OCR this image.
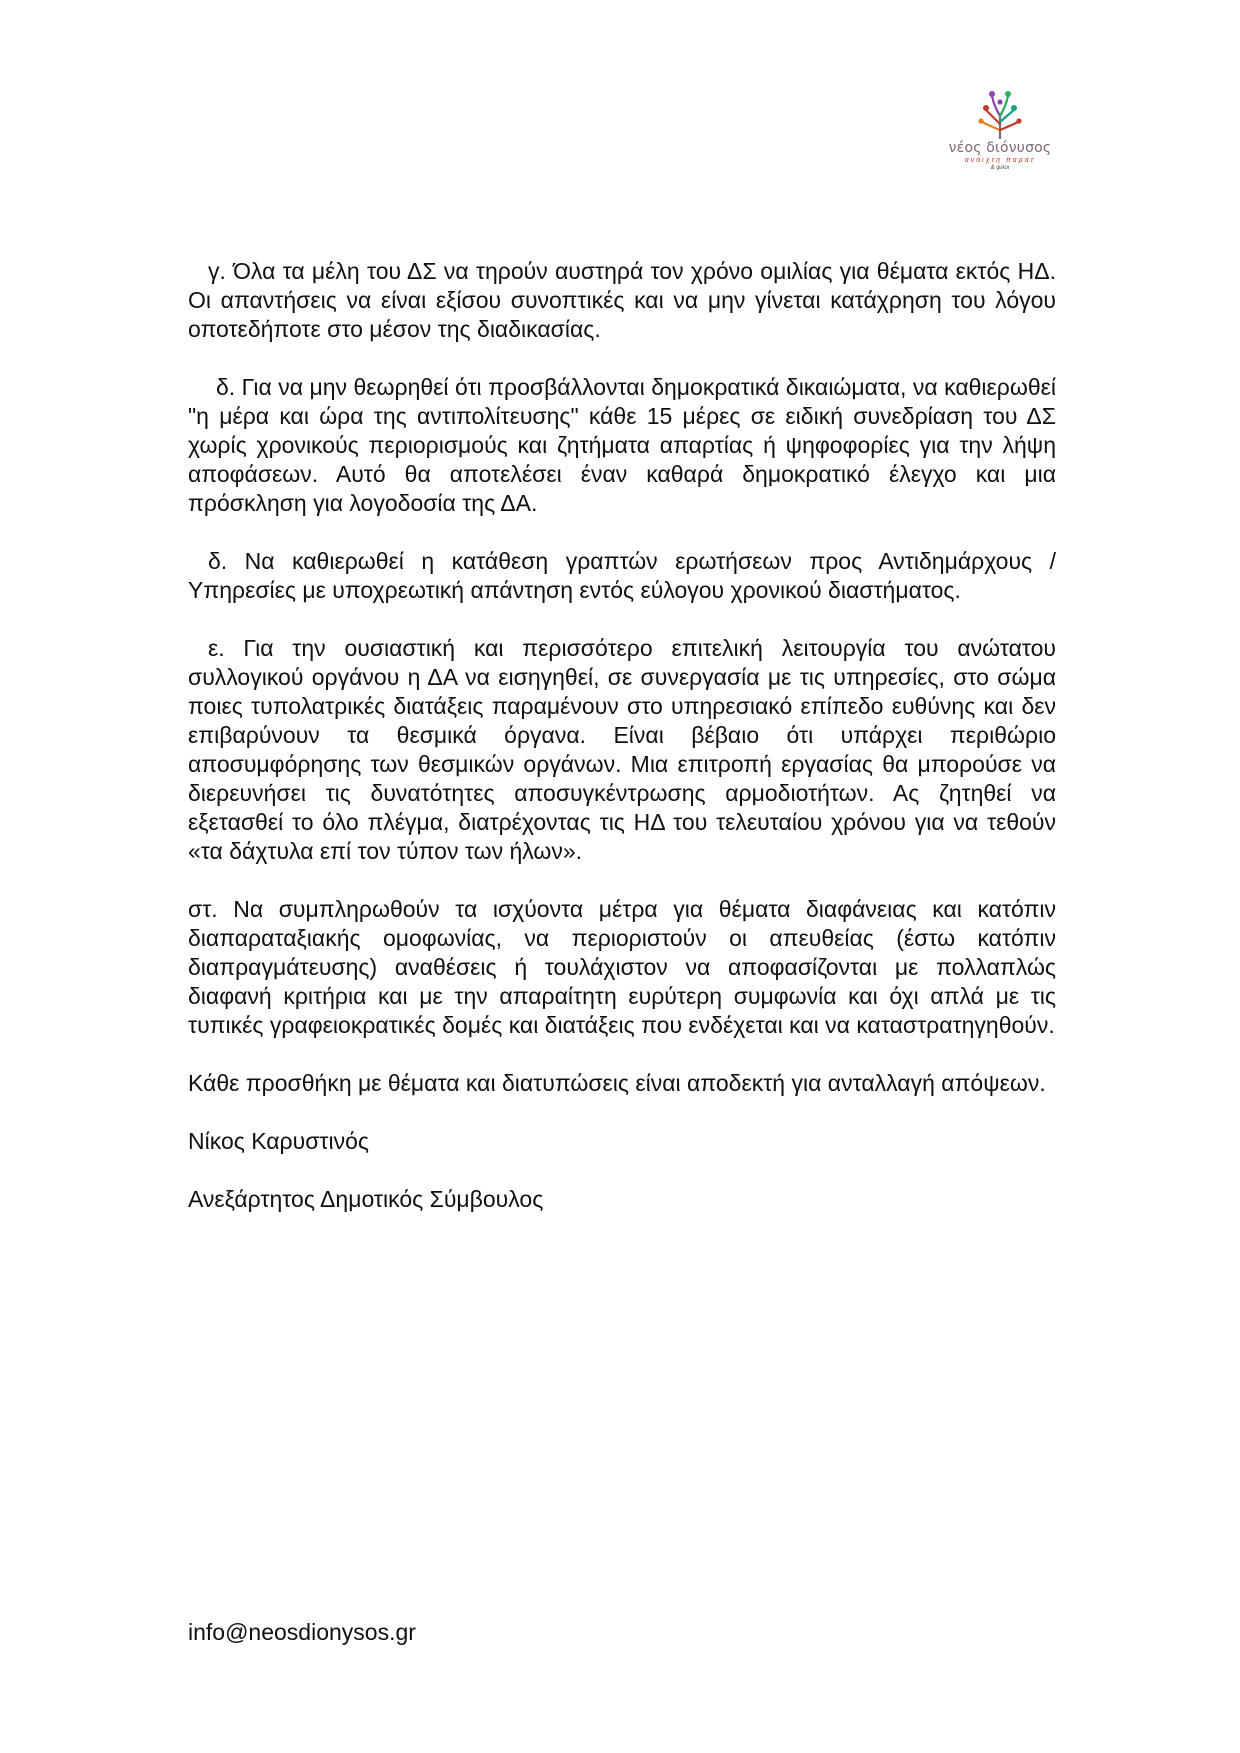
νέος διόνυσος
ανοιχτη παρατ
& φιλοι

γ. Όλα τα μέλη του ΔΣ να τηρούν αυστηρά τον χρόνο ομιλίας για θέματα εκτός ΗΔ. Οι απαντήσεις να είναι εξίσου συνοπτικές και να μην γίνεται κατάχρηση του λόγου οποτεδήποτε στο μέσον της διαδικασίας.

δ. Για να μην θεωρηθεί ότι προσβάλλονται δημοκρατικά δικαιώματα, να καθιερωθεί "η μέρα και ώρα της αντιπολίτευσης" κάθε 15 μέρες σε ειδική συνεδρίαση του ΔΣ χωρίς χρονικούς περιορισμούς και ζητήματα απαρτίας ή ψηφοφορίες για την λήψη αποφάσεων. Αυτό θα αποτελέσει έναν καθαρά δημοκρατικό έλεγχο και μια πρόσκληση για λογοδοσία της ΔΑ.

δ. Να καθιερωθεί η κατάθεση γραπτών ερωτήσεων προς Αντιδημάρχους / Υπηρεσίες με υποχρεωτική απάντηση εντός εύλογου χρονικού διαστήματος.

ε. Για την ουσιαστική και περισσότερο επιτελική λειτουργία του ανώτατου συλλογικού οργάνου η ΔΑ να εισηγηθεί, σε συνεργασία με τις υπηρεσίες, στο σώμα ποιες τυπολατρικές διατάξεις παραμένουν στο υπηρεσιακό επίπεδο ευθύνης και δεν επιβαρύνουν τα θεσμικά όργανα. Είναι βέβαιο ότι υπάρχει περιθώριο αποσυμφόρησης των θεσμικών οργάνων. Μια επιτροπή εργασίας θα μπορούσε να διερευνήσει τις δυνατότητες αποσυγκέντρωσης αρμοδιοτήτων. Ας ζητηθεί να εξετασθεί το όλο πλέγμα, διατρέχοντας τις ΗΔ του τελευταίου χρόνου για να τεθούν «τα δάχτυλα επί τον τύπον των ήλων».

στ. Να συμπληρωθούν τα ισχύοντα μέτρα για θέματα διαφάνειας και κατόπιν διαπαραταξιακής ομοφωνίας, να περιοριστούν οι απευθείας (έστω κατόπιν διαπραγμάτευσης) αναθέσεις ή τουλάχιστον να αποφασίζονται με πολλαπλώς διαφανή κριτήρια και με την απαραίτητη ευρύτερη συμφωνία και όχι απλά με τις τυπικές γραφειοκρατικές δομές και διατάξεις που ενδέχεται και να καταστρατηγηθούν.

Κάθε προσθήκη με θέματα και διατυπώσεις είναι αποδεκτή για ανταλλαγή απόψεων.

Νίκος Καρυστινός

Ανεξάρτητος Δημοτικός Σύμβουλος

info@neosdionysos.gr
